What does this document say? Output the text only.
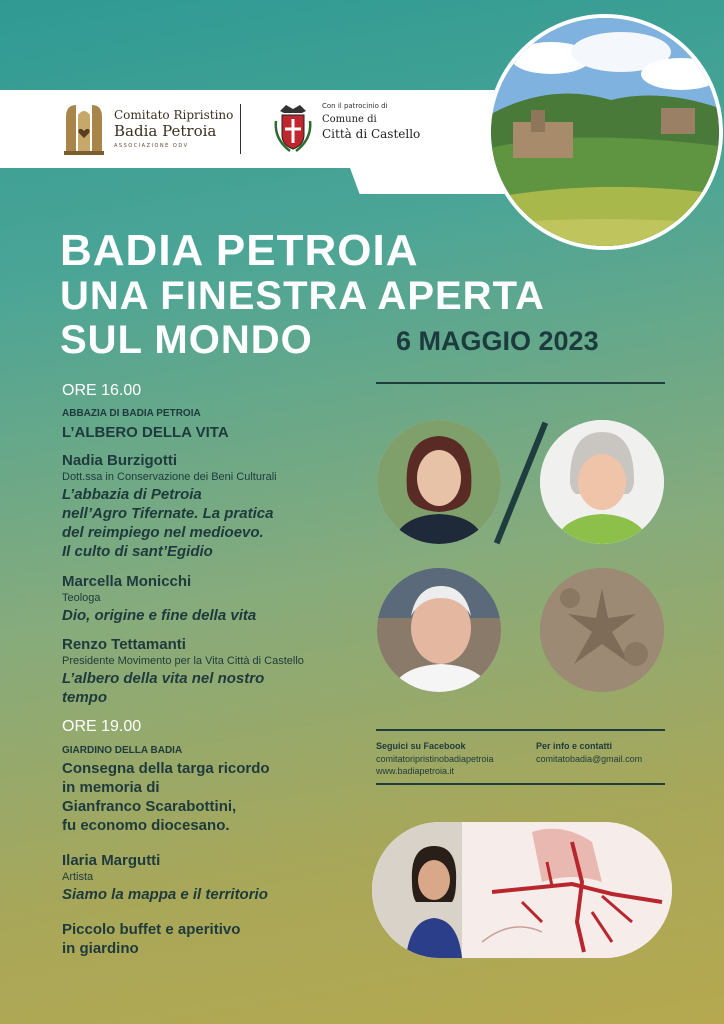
Comitato Ripristino
Badia Petroia
ASSOCIAZIONE ODV
Con il patrocinio di
Comune di
Città di Castello
BADIA PETROIA
UNA FINESTRA APERTA
SUL MONDO	6 MAGGIO 2023
ORE 16.00
ABBAZIA DI BADIA PETROIA
L’ALBERO DELLA VITA
Nadia Burzigotti
Dott.ssa in Conservazione dei Beni Culturali
L’abbazia di Petroia
nell’Agro Tifernate. La pratica
del reimpiego nel medioevo.
Il culto di sant’Egidio
Marcella Monicchi
Teologa
Dio, origine e fine della vita
Renzo Tettamanti
Presidente Movimento per la Vita Città di Castello
L’albero della vita nel nostro
tempo
ORE 19.00
GIARDINO DELLA BADIA
Consegna della targa ricordo
in memoria di
Gianfranco Scarabottini,
fu economo diocesano.
Ilaria Margutti
Artista
Siamo la mappa e il territorio
Piccolo buffet e aperitivo
in giardino
Seguici su Facebook
comitatoripristinobadiapetroia
www.badiapetroia.it
Per info e contatti
comitatobadia@gmail.com
